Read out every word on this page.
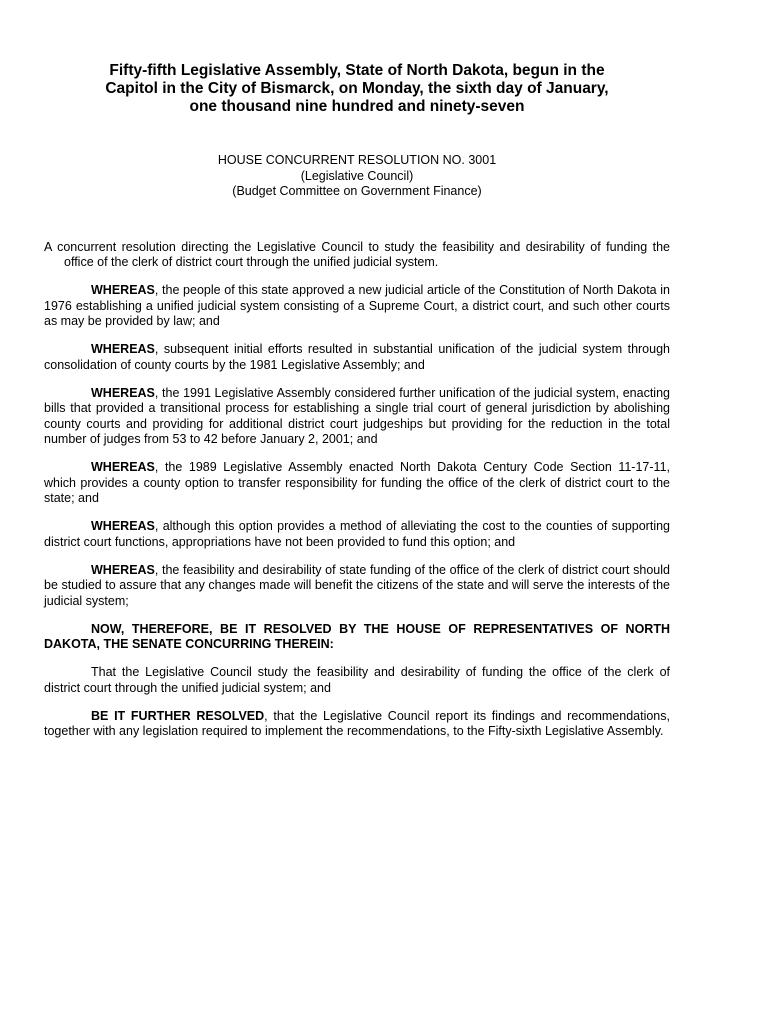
Fifty-fifth Legislative Assembly, State of North Dakota, begun in the
Capitol in the City of Bismarck, on Monday, the sixth day of January,
one thousand nine hundred and ninety-seven
HOUSE CONCURRENT RESOLUTION NO. 3001
(Legislative Council)
(Budget Committee on Government Finance)

A concurrent resolution directing the Legislative Council to study the feasibility and desirability of funding the office of the clerk of district court through the unified judicial system.

WHEREAS, the people of this state approved a new judicial article of the Constitution of North Dakota in 1976 establishing a unified judicial system consisting of a Supreme Court, a district court, and such other courts as may be provided by law; and

WHEREAS, subsequent initial efforts resulted in substantial unification of the judicial system through consolidation of county courts by the 1981 Legislative Assembly; and

WHEREAS, the 1991 Legislative Assembly considered further unification of the judicial system, enacting bills that provided a transitional process for establishing a single trial court of general jurisdiction by abolishing county courts and providing for additional district court judgeships but providing for the reduction in the total number of judges from 53 to 42 before January 2, 2001; and

WHEREAS, the 1989 Legislative Assembly enacted North Dakota Century Code Section 11-17-11, which provides a county option to transfer responsibility for funding the office of the clerk of district court to the state; and

WHEREAS, although this option provides a method of alleviating the cost to the counties of supporting district court functions, appropriations have not been provided to fund this option; and

WHEREAS, the feasibility and desirability of state funding of the office of the clerk of district court should be studied to assure that any changes made will benefit the citizens of the state and will serve the interests of the judicial system;

NOW, THEREFORE, BE IT RESOLVED BY THE HOUSE OF REPRESENTATIVES OF NORTH DAKOTA, THE SENATE CONCURRING THEREIN:

That the Legislative Council study the feasibility and desirability of funding the office of the clerk of district court through the unified judicial system; and

BE IT FURTHER RESOLVED, that the Legislative Council report its findings and recommendations, together with any legislation required to implement the recommendations, to the Fifty-sixth Legislative Assembly.
